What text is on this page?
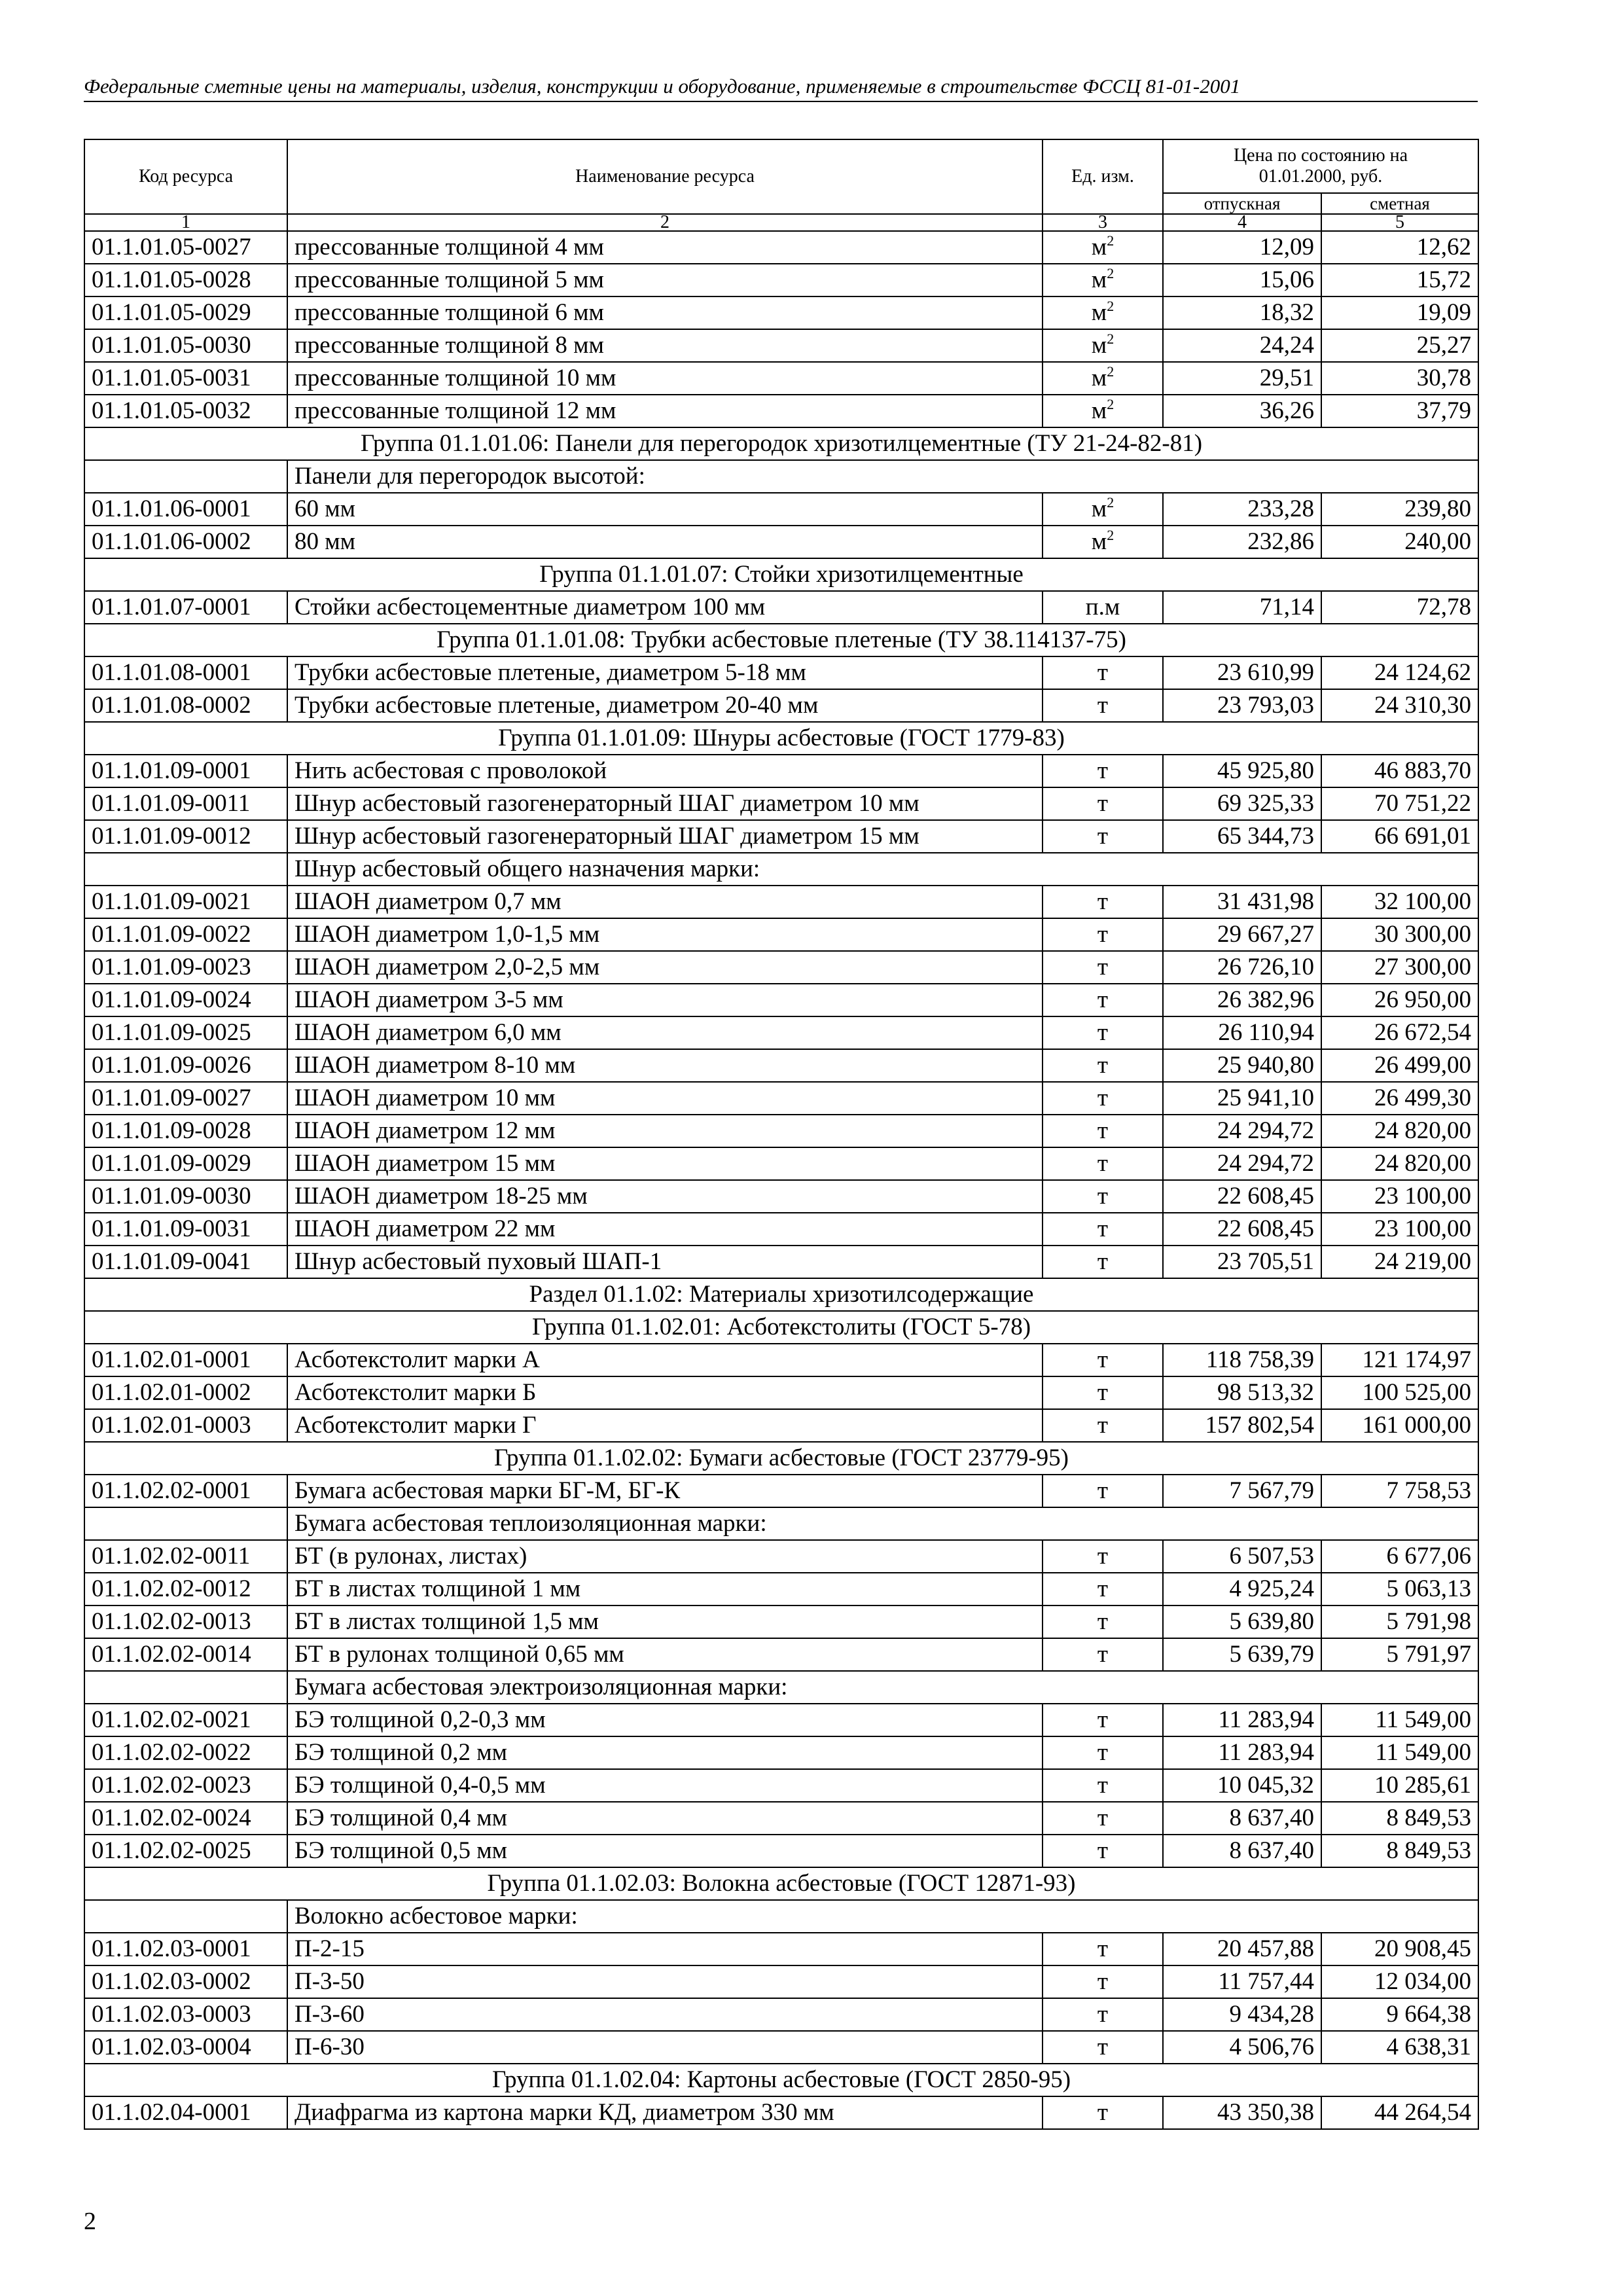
Федеральные сметные цены на материалы, изделия, конструкции и оборудование, применяемые в строительстве ФССЦ 81-01-2001
Код ресурса	Наименование ресурса	Ед. изм.	Цена по состоянию на 01.01.2000, руб.	
			отпускная	сметная
1	2	3	4	5
01.1.01.05-0027	прессованные толщиной 4 мм	$м^2$	12,09	12,62
01.1.01.05-0028	прессованные толщиной 5 мм	$м^2$	15,06	15,72
01.1.01.05-0029	прессованные толщиной 6 мм	$м^2$	18,32	19,09
01.1.01.05-0030	прессованные толщиной 8 мм	$м^2$	24,24	25,27
01.1.01.05-0031	прессованные толщиной 10 мм	$м^2$	29,51	30,78
01.1.01.05-0032	прессованные толщиной 12 мм	$м^2$	36,26	37,79
Группа 01.1.01.06: Панели для перегородок хризотилцементные (ТУ 21-24-82-81)				
	Панели для перегородок высотой:			
01.1.01.06-0001	60 мм	$м^2$	233,28	239,80
01.1.01.06-0002	80 мм	$м^2$	232,86	240,00
Группа 01.1.01.07: Стойки хризотилцементные				
01.1.01.07-0001	Стойки асбестоцементные диаметром 100 мм	п.м	71,14	72,78
Группа 01.1.01.08: Трубки асбестовые плетеные (ТУ 38.114137-75)				
01.1.01.08-0001	Трубки асбестовые плетеные, диаметром 5-18 мм	т	23 610,99	24 124,62
01.1.01.08-0002	Трубки асбестовые плетеные, диаметром 20-40 мм	т	23 793,03	24 310,30
Группа 01.1.01.09: Шнуры асбестовые (ГОСТ 1779-83)				
01.1.01.09-0001	Нить асбестовая с проволокой	т	45 925,80	46 883,70
01.1.01.09-0011	Шнур асбестовый газогенераторный ШАГ диаметром 10 мм	т	69 325,33	70 751,22
01.1.01.09-0012	Шнур асбестовый газогенераторный ШАГ диаметром 15 мм	т	65 344,73	66 691,01
	Шнур асбестовый общего назначения марки:			
01.1.01.09-0021	ШАОН диаметром 0,7 мм	т	31 431,98	32 100,00
01.1.01.09-0022	ШАОН диаметром 1,0-1,5 мм	т	29 667,27	30 300,00
01.1.01.09-0023	ШАОН диаметром 2,0-2,5 мм	т	26 726,10	27 300,00
01.1.01.09-0024	ШАОН диаметром 3-5 мм	т	26 382,96	26 950,00
01.1.01.09-0025	ШАОН диаметром 6,0 мм	т	26 110,94	26 672,54
01.1.01.09-0026	ШАОН диаметром 8-10 мм	т	25 940,80	26 499,00
01.1.01.09-0027	ШАОН диаметром 10 мм	т	25 941,10	26 499,30
01.1.01.09-0028	ШАОН диаметром 12 мм	т	24 294,72	24 820,00
01.1.01.09-0029	ШАОН диаметром 15 мм	т	24 294,72	24 820,00
01.1.01.09-0030	ШАОН диаметром 18-25 мм	т	22 608,45	23 100,00
01.1.01.09-0031	ШАОН диаметром 22 мм	т	22 608,45	23 100,00
01.1.01.09-0041	Шнур асбестовый пуховый ШАП-1	т	23 705,51	24 219,00
Раздел 01.1.02: Материалы хризотилсодержащие				
Группа 01.1.02.01: Асботекстолиты (ГОСТ 5-78)				
01.1.02.01-0001	Асботекстолит марки А	т	118 758,39	121 174,97
01.1.02.01-0002	Асботекстолит марки Б	т	98 513,32	100 525,00
01.1.02.01-0003	Асботекстолит марки Г	т	157 802,54	161 000,00
Группа 01.1.02.02: Бумаги асбестовые (ГОСТ 23779-95)				
01.1.02.02-0001	Бумага асбестовая марки БГ-М, БГ-К	т	7 567,79	7 758,53
	Бумага асбестовая теплоизоляционная марки:			
01.1.02.02-0011	БТ (в рулонах, листах)	т	6 507,53	6 677,06
01.1.02.02-0012	БТ в листах толщиной 1 мм	т	4 925,24	5 063,13
01.1.02.02-0013	БТ в листах толщиной 1,5 мм	т	5 639,80	5 791,98
01.1.02.02-0014	БТ в рулонах толщиной 0,65 мм	т	5 639,79	5 791,97
	Бумага асбестовая электроизоляционная марки:			
01.1.02.02-0021	БЭ толщиной 0,2-0,3 мм	т	11 283,94	11 549,00
01.1.02.02-0022	БЭ толщиной 0,2 мм	т	11 283,94	11 549,00
01.1.02.02-0023	БЭ толщиной 0,4-0,5 мм	т	10 045,32	10 285,61
01.1.02.02-0024	БЭ толщиной 0,4 мм	т	8 637,40	8 849,53
01.1.02.02-0025	БЭ толщиной 0,5 мм	т	8 637,40	8 849,53
Группа 01.1.02.03: Волокна асбестовые (ГОСТ 12871-93)				
	Волокно асбестовое марки:			
01.1.02.03-0001	П-2-15	т	20 457,88	20 908,45
01.1.02.03-0002	П-3-50	т	11 757,44	12 034,00
01.1.02.03-0003	П-3-60	т	9 434,28	9 664,38
01.1.02.03-0004	П-6-30	т	4 506,76	4 638,31
Группа 01.1.02.04: Картоны асбестовые (ГОСТ 2850-95)				
01.1.02.04-0001	Диафрагма из картона марки КД, диаметром 330 мм	т	43 350,38	44 264,54
2
